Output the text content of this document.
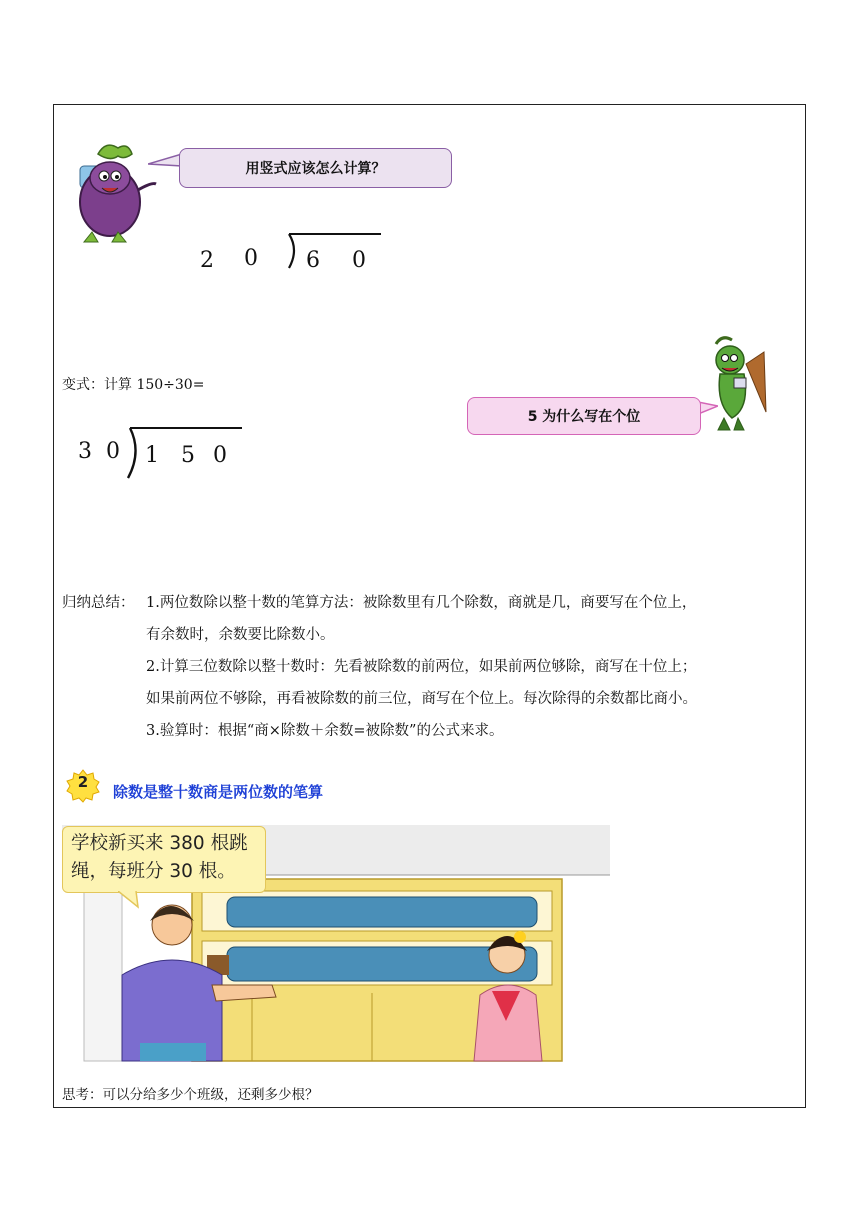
用竖式应该怎么计算？
2 0 6 0
变式：计算 150÷30=
5 为什么写在个位
3 0 1 5 0
归纳总结： 1.两位数除以整十数的笔算方法：被除数里有几个除数，商就是几，商要写在个位上，
有余数时，余数要比除数小。
2.计算三位数除以整十数时：先看被除数的前两位，如果前两位够除，商写在十位上；
如果前两位不够除，再看被除数的前三位，商写在个位上。每次除得的余数都比商小。
3.验算时：根据“商×除数＋余数=被除数”的公式来求。
2
除数是整十数商是两位数的笔算
学校新买来 380 根跳
绳，每班分 30 根。
思考：可以分给多少个班级，还剩多少根？
